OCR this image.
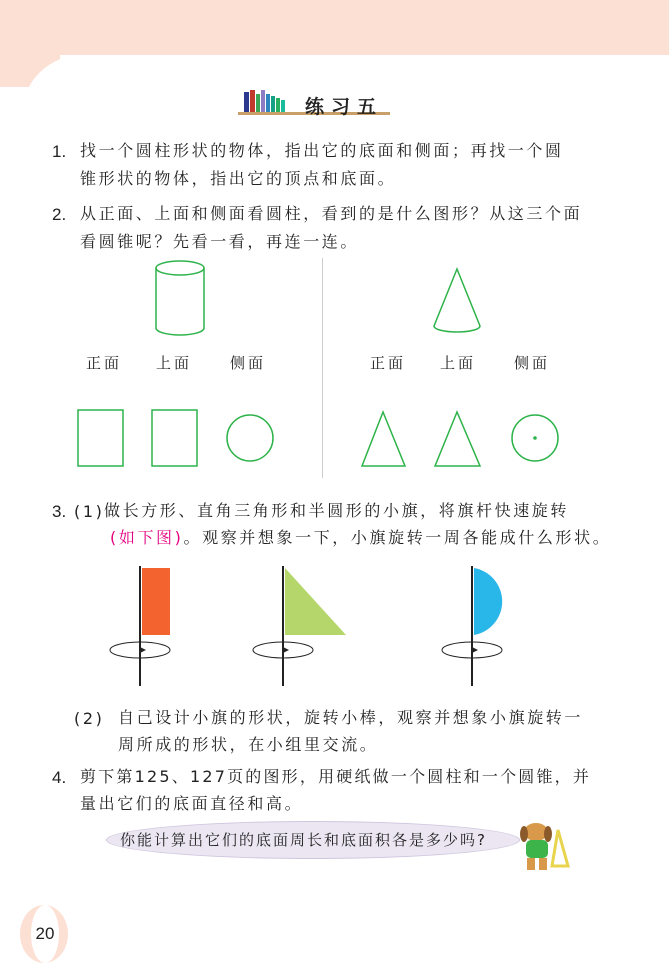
练习五
1. 找一个圆柱形状的物体，指出它的底面和侧面；再找一个圆
锥形状的物体，指出它的顶点和底面。
2. 从正面、上面和侧面看圆柱，看到的是什么图形？从这三个面
看圆锥呢？先看一看，再连一连。
正面 上面	侧面	正面 上面	侧面
3. (1) 做长方形、直角三角形和半圆形的小旗，将旗杆快速旋转
(如下图)。观察并想象一下，小旗旋转一周各能成什么形状。
(2) 自己设计小旗的形状，旋转小棒，观察并想象小旗旋转一
周所成的形状，在小组里交流。
4. 剪下第125、127页的图形，用硬纸做一个圆柱和一个圆锥，并
量出它们的底面直径和高。
你能计算出它们的底面周长和底面积各是多少吗?
20
